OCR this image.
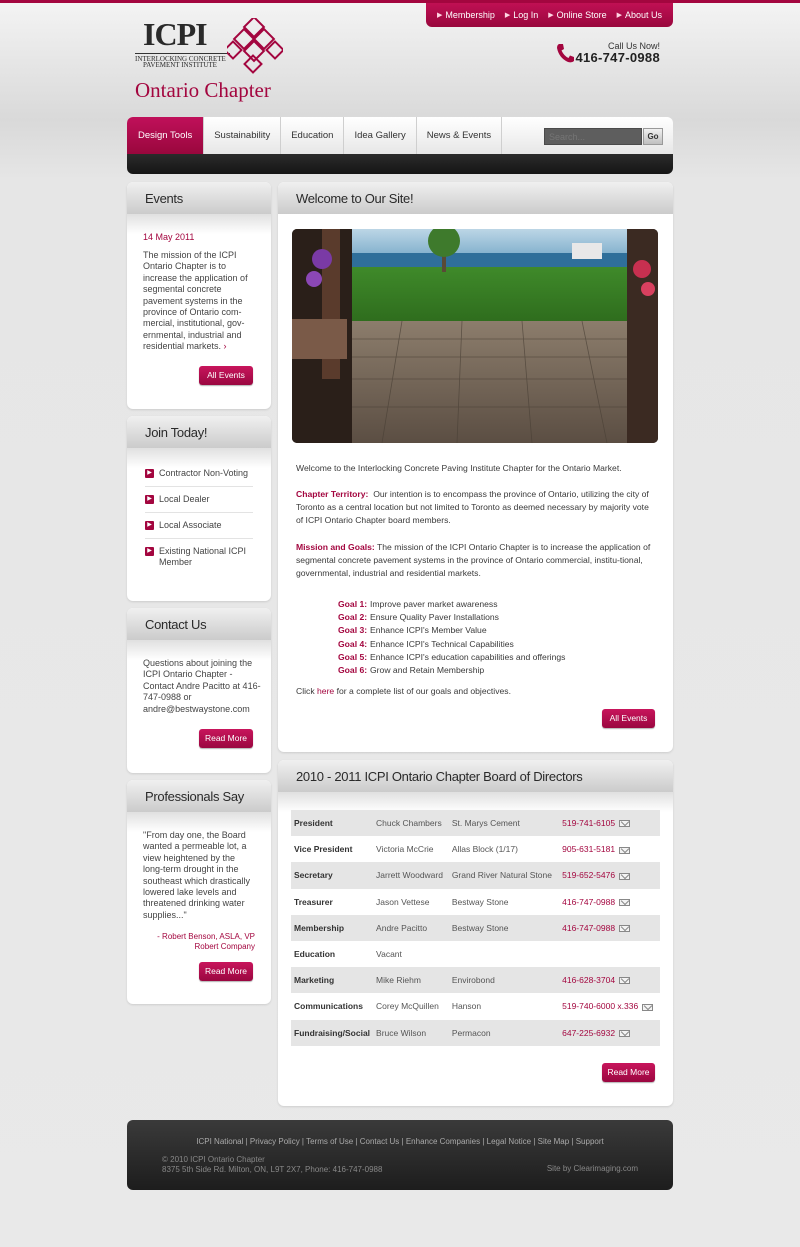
▶ Membership ▶ Log In ▶ Online Store ▶ About Us
ICPI
INTERLOCKING CONCRETE
PAVEMENT INSTITUTE
Ontario Chapter
Call Us Now!
416-747-0988
Design Tools	Sustainability	Education	Idea Gallery	News & Events
Search...	Go
Events
14 May 2011
The mission of the ICPI Ontario Chapter is to increase the application of segmental concrete pavement systems in the province of Ontario com-mercial, institutional, gov-ernmental, industrial and residential markets. ›
All Events
Join Today!
▶ Contractor Non-Voting
▶ Local Dealer
▶ Local Associate
▶ Existing National ICPI Member
Contact Us
Questions about joining the ICPI Ontario Chapter - Contact Andre Pacitto at 416-747-0988 or andre@bestwaystone.com
Read More
Professionals Say
"From day one, the Board wanted a permeable lot, a view heightened by the long-term drought in the southeast which drastically lowered lake levels and threatened drinking water supplies..."
- Robert Benson, ASLA, VP
Robert Company
Read More
Welcome to Our Site!
Welcome to the Interlocking Concrete Paving Institute Chapter for the Ontario Market.
Chapter Territory: Our intention is to encompass the province of Ontario, utilizing the city of Toronto as a central location but not limited to Toronto as deemed necessary by majority vote of ICPI Ontario Chapter board members.
Mission and Goals: The mission of the ICPI Ontario Chapter is to increase the application of segmental concrete pavement systems in the province of Ontario commercial, institu-tional, governmental, industrial and residential markets.
Goal 1: Improve paver market awareness
Goal 2: Ensure Quality Paver Installations
Goal 3: Enhance ICPI's Member Value
Goal 4: Enhance ICPI's Technical Capabilities
Goal 5: Enhance ICPI's education capabilities and offerings
Goal 6: Grow and Retain Membership
Click here for a complete list of our goals and objectives.
All Events
2010 - 2011 ICPI Ontario Chapter Board of Directors
President	Chuck Chambers	St. Marys Cement	519-741-6105
Vice President	Victoria McCrie	Allas Block (1/17)	905-631-5181
Secretary	Jarrett Woodward	Grand River Natural Stone	519-652-5476
Treasurer	Jason Vettese	Bestway Stone	416-747-0988
Membership	Andre Pacitto	Bestway Stone	416-747-0988
Education	Vacant		
Marketing	Mike Riehm	Envirobond	416-628-3704
Communications	Corey McQuillen	Hanson	519-740-6000 x.336
Fundraising/Social	Bruce Wilson	Permacon	647-225-6932
Read More
ICPI National | Privacy Policy | Terms of Use | Contact Us | Enhance Companies | Legal Notice | Site Map | Support
© 2010 ICPI Ontario Chapter
8375 5th Side Rd. Milton, ON, L9T 2X7, Phone: 416-747-0988	Site by Clearimaging.com
